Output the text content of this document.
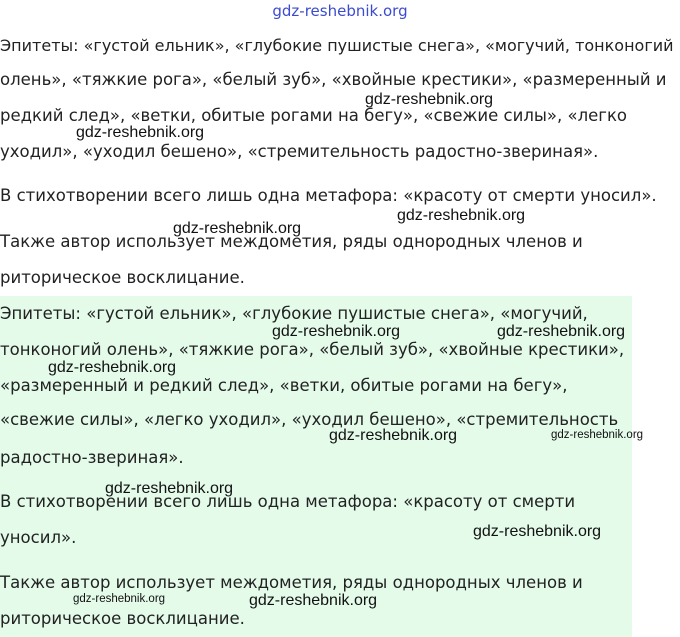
gdz-reshebnik.org
Эпитеты: «густой ельник», «глубокие пушистые снега», «могучий, тонконогий
олень», «тяжкие рога», «белый зуб», «хвойные крестики», «размеренный и
редкий след», «ветки, обитые рогами на бегу», «свежие силы», «легко
уходил», «уходил бешено», «стремительность радостно-звериная».
В стихотворении всего лишь одна метафора: «красоту от смерти уносил».
Также автор использует междометия, ряды однородных членов и
риторическое восклицание.
Эпитеты: «густой ельник», «глубокие пушистые снега», «могучий,
тонконогий олень», «тяжкие рога», «белый зуб», «хвойные крестики»,
«размеренный и редкий след», «ветки, обитые рогами на бегу»,
«свежие силы», «легко уходил», «уходил бешено», «стремительность
радостно-звериная».
В стихотворении всего лишь одна метафора: «красоту от смерти
уносил».
Также автор использует междометия, ряды однородных членов и
риторическое восклицание.
gdz-reshebnik.org
gdz-reshebnik.org
gdz-reshebnik.org
gdz-reshebnik.org
gdz-reshebnik.org	gdz-reshebnik.org
gdz-reshebnik.org
gdz-reshebnik.org	gdz-reshebnik.org
gdz-reshebnik.org
gdz-reshebnik.org
gdz-reshebnik.org	gdz-reshebnik.org
